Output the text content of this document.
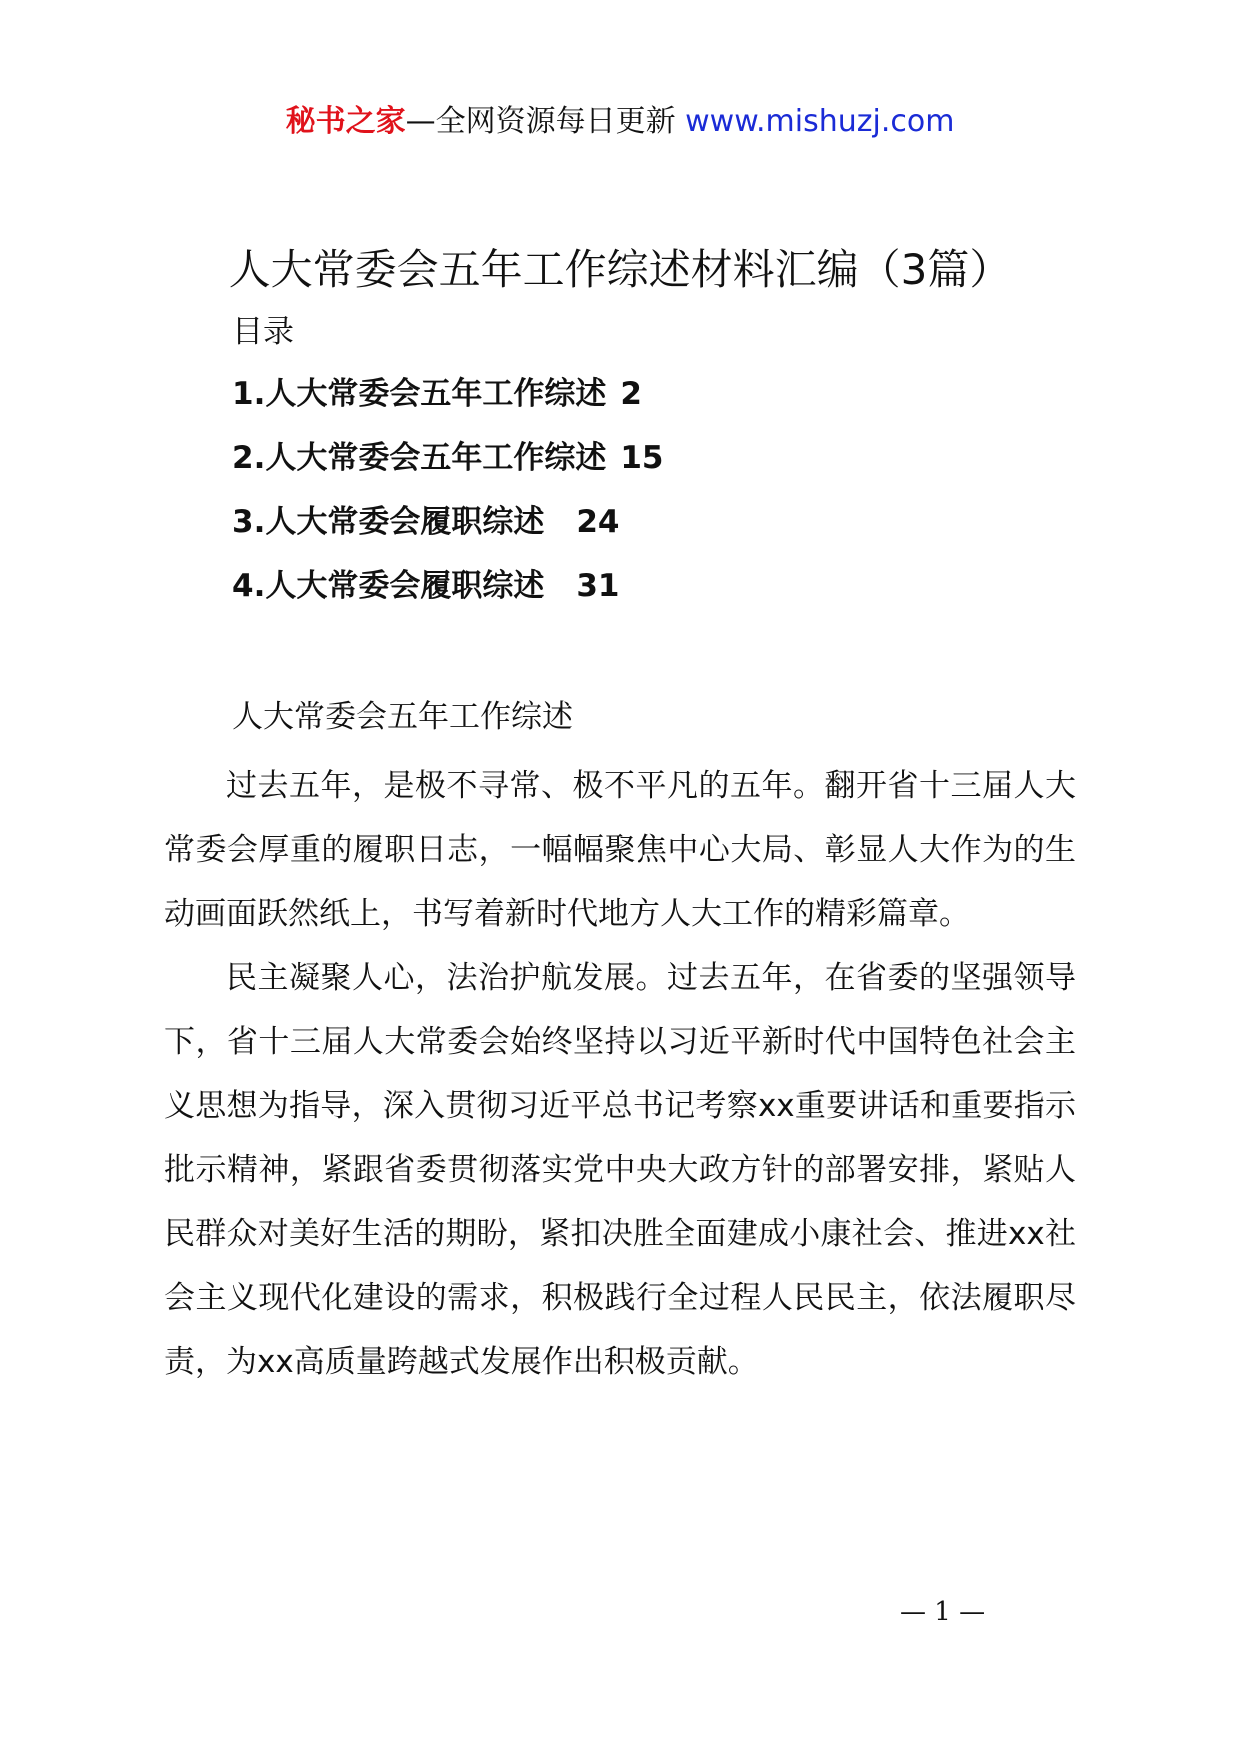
秘书之家—全网资源每日更新 www.mishuzj.com
人大常委会五年工作综述材料汇编（3篇）
目录
1.人大常委会五年工作综述 2
2.人大常委会五年工作综述 15
3.人大常委会履职综述 24
4.人大常委会履职综述 31
人大常委会五年工作综述

过去五年，是极不寻常、极不平凡的五年。翻开省十三届人大常委会厚重的履职日志，一幅幅聚焦中心大局、彰显人大作为的生动画面跃然纸上，书写着新时代地方人大工作的精彩篇章。

民主凝聚人心，法治护航发展。过去五年，在省委的坚强领导下，省十三届人大常委会始终坚持以习近平新时代中国特色社会主义思想为指导，深入贯彻习近平总书记考察xx重要讲话和重要指示批示精神，紧跟省委贯彻落实党中央大政方针的部署安排，紧贴人民群众对美好生活的期盼，紧扣决胜全面建成小康社会、推进xx社会主义现代化建设的需求，积极践行全过程人民民主，依法履职尽责，为xx高质量跨越式发展作出积极贡献。

— 1 —
